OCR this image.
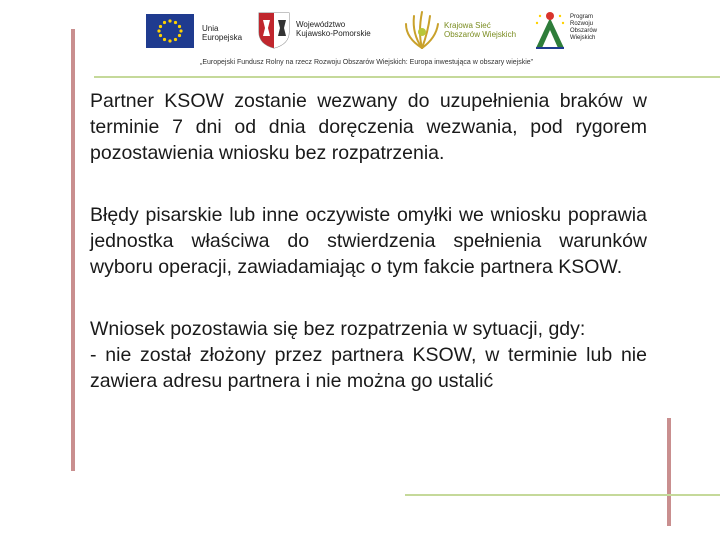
Unia
Europejska
Województwo
Kujawsko-Pomorskie
Krajowa Sieć
Obszarów Wiejskich
Program
Rozwoju
Obszarów
Wiejskich
„Europejski Fundusz Rolny na rzecz Rozwoju Obszarów Wiejskich: Europa inwestująca w obszary wiejskie”

Partner KSOW zostanie wezwany do uzupełnienia braków w terminie 7 dni od dnia doręczenia wezwania, pod rygorem pozostawienia wniosku bez rozpatrzenia.

Błędy pisarskie lub inne oczywiste omyłki we wniosku poprawia jednostka właściwa do stwierdzenia spełnienia warunków wyboru operacji, zawiadamiając o tym fakcie partnera KSOW.

Wniosek pozostawia się bez rozpatrzenia w sytuacji, gdy:
- nie został złożony przez partnera KSOW, w terminie lub nie zawiera adresu partnera i nie można go ustalić
